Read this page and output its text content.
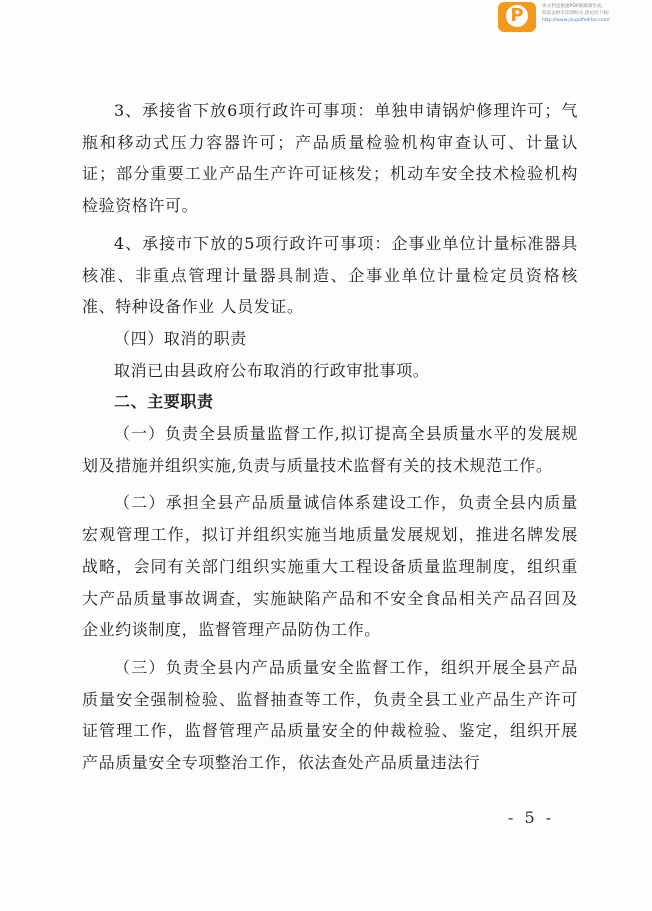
P	该文档是极速PDF编辑器生成,
如需去掉水印请购买,请访问下载:
http://www.jisupdfeditor.com/

3、承接省下放6项行政许可事项：单独申请锅炉修理许可；气瓶和移动式压力容器许可；产品质量检验机构审查认可、计量认证；部分重要工业产品生产许可证核发；机动车安全技术检验机构检验资格许可。

4、承接市下放的5项行政许可事项：企事业单位计量标准器具核准、非重点管理计量器具制造、企事业单位计量检定员资格核准、特种设备作业 人员发证。

（四）取消的职责

取消已由县政府公布取消的行政审批事项。

二、主要职责

（一）负责全县质量监督工作,拟订提高全县质量水平的发展规划及措施并组织实施,负责与质量技术监督有关的技术规范工作。

（二）承担全县产品质量诚信体系建设工作，负责全县内质量宏观管理工作，拟订并组织实施当地质量发展规划，推进名牌发展战略，会同有关部门组织实施重大工程设备质量监理制度，组织重大产品质量事故调查，实施缺陷产品和不安全食品相关产品召回及企业约谈制度，监督管理产品防伪工作。

（三）负责全县内产品质量安全监督工作，组织开展全县产品质量安全强制检验、监督抽查等工作，负责全县工业产品生产许可证管理工作，监督管理产品质量安全的仲裁检验、鉴定，组织开展产品质量安全专项整治工作，依法查处产品质量违法行

- 5 -
